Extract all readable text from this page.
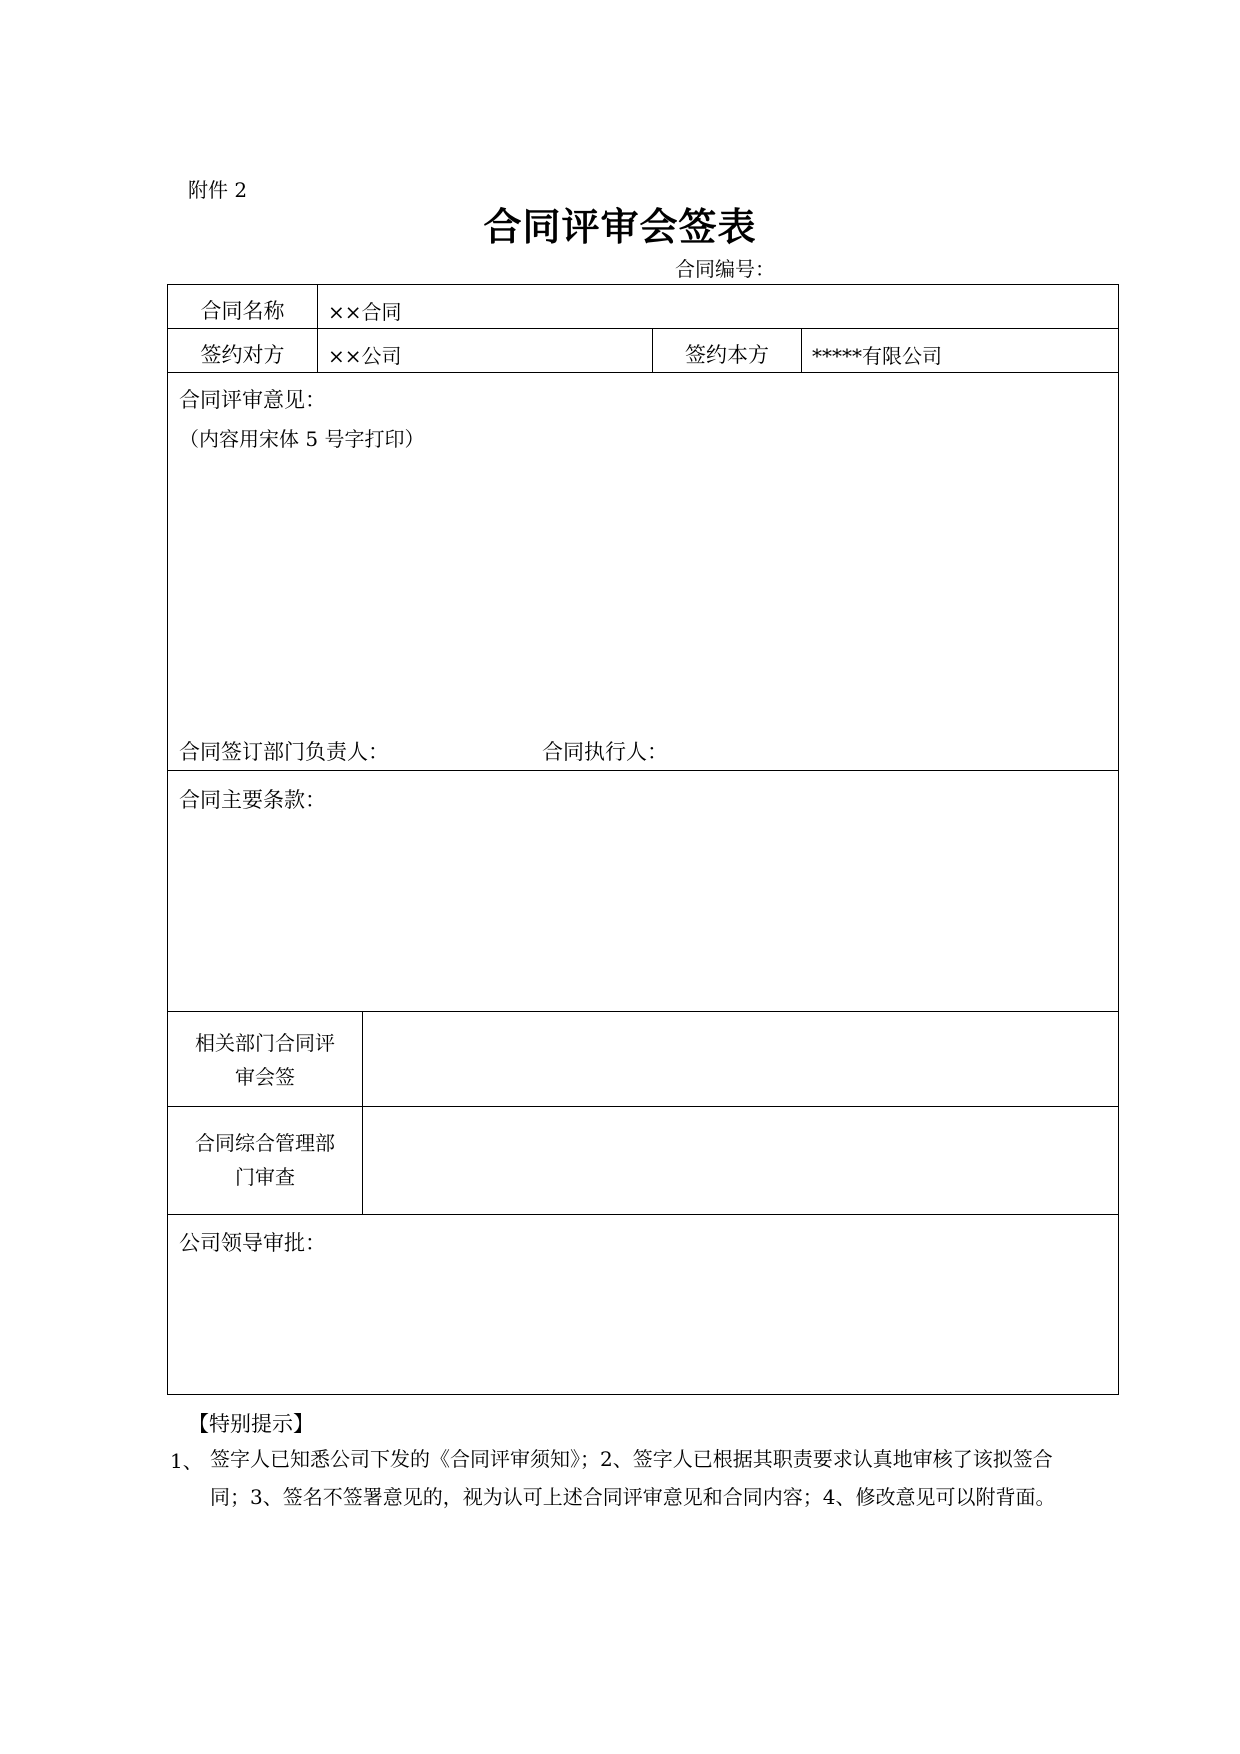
附件 2
合同评审会签表
合同编号：
合同名称	××合同
签约对方	××公司	签约本方	*****有限公司
合同评审意见：
（内容用宋体 5 号字打印）
合同签订部门负责人：	合同执行人：
合同主要条款：
相关部门合同评
审会签
合同综合管理部
门审查
公司领导审批：
【特别提示】
1、 签字人已知悉公司下发的《合同评审须知》；2、签字人已根据其职责要求认真地审核了该拟签合同；3、签名不签署意见的，视为认可上述合同评审意见和合同内容；4、修改意见可以附背面。
